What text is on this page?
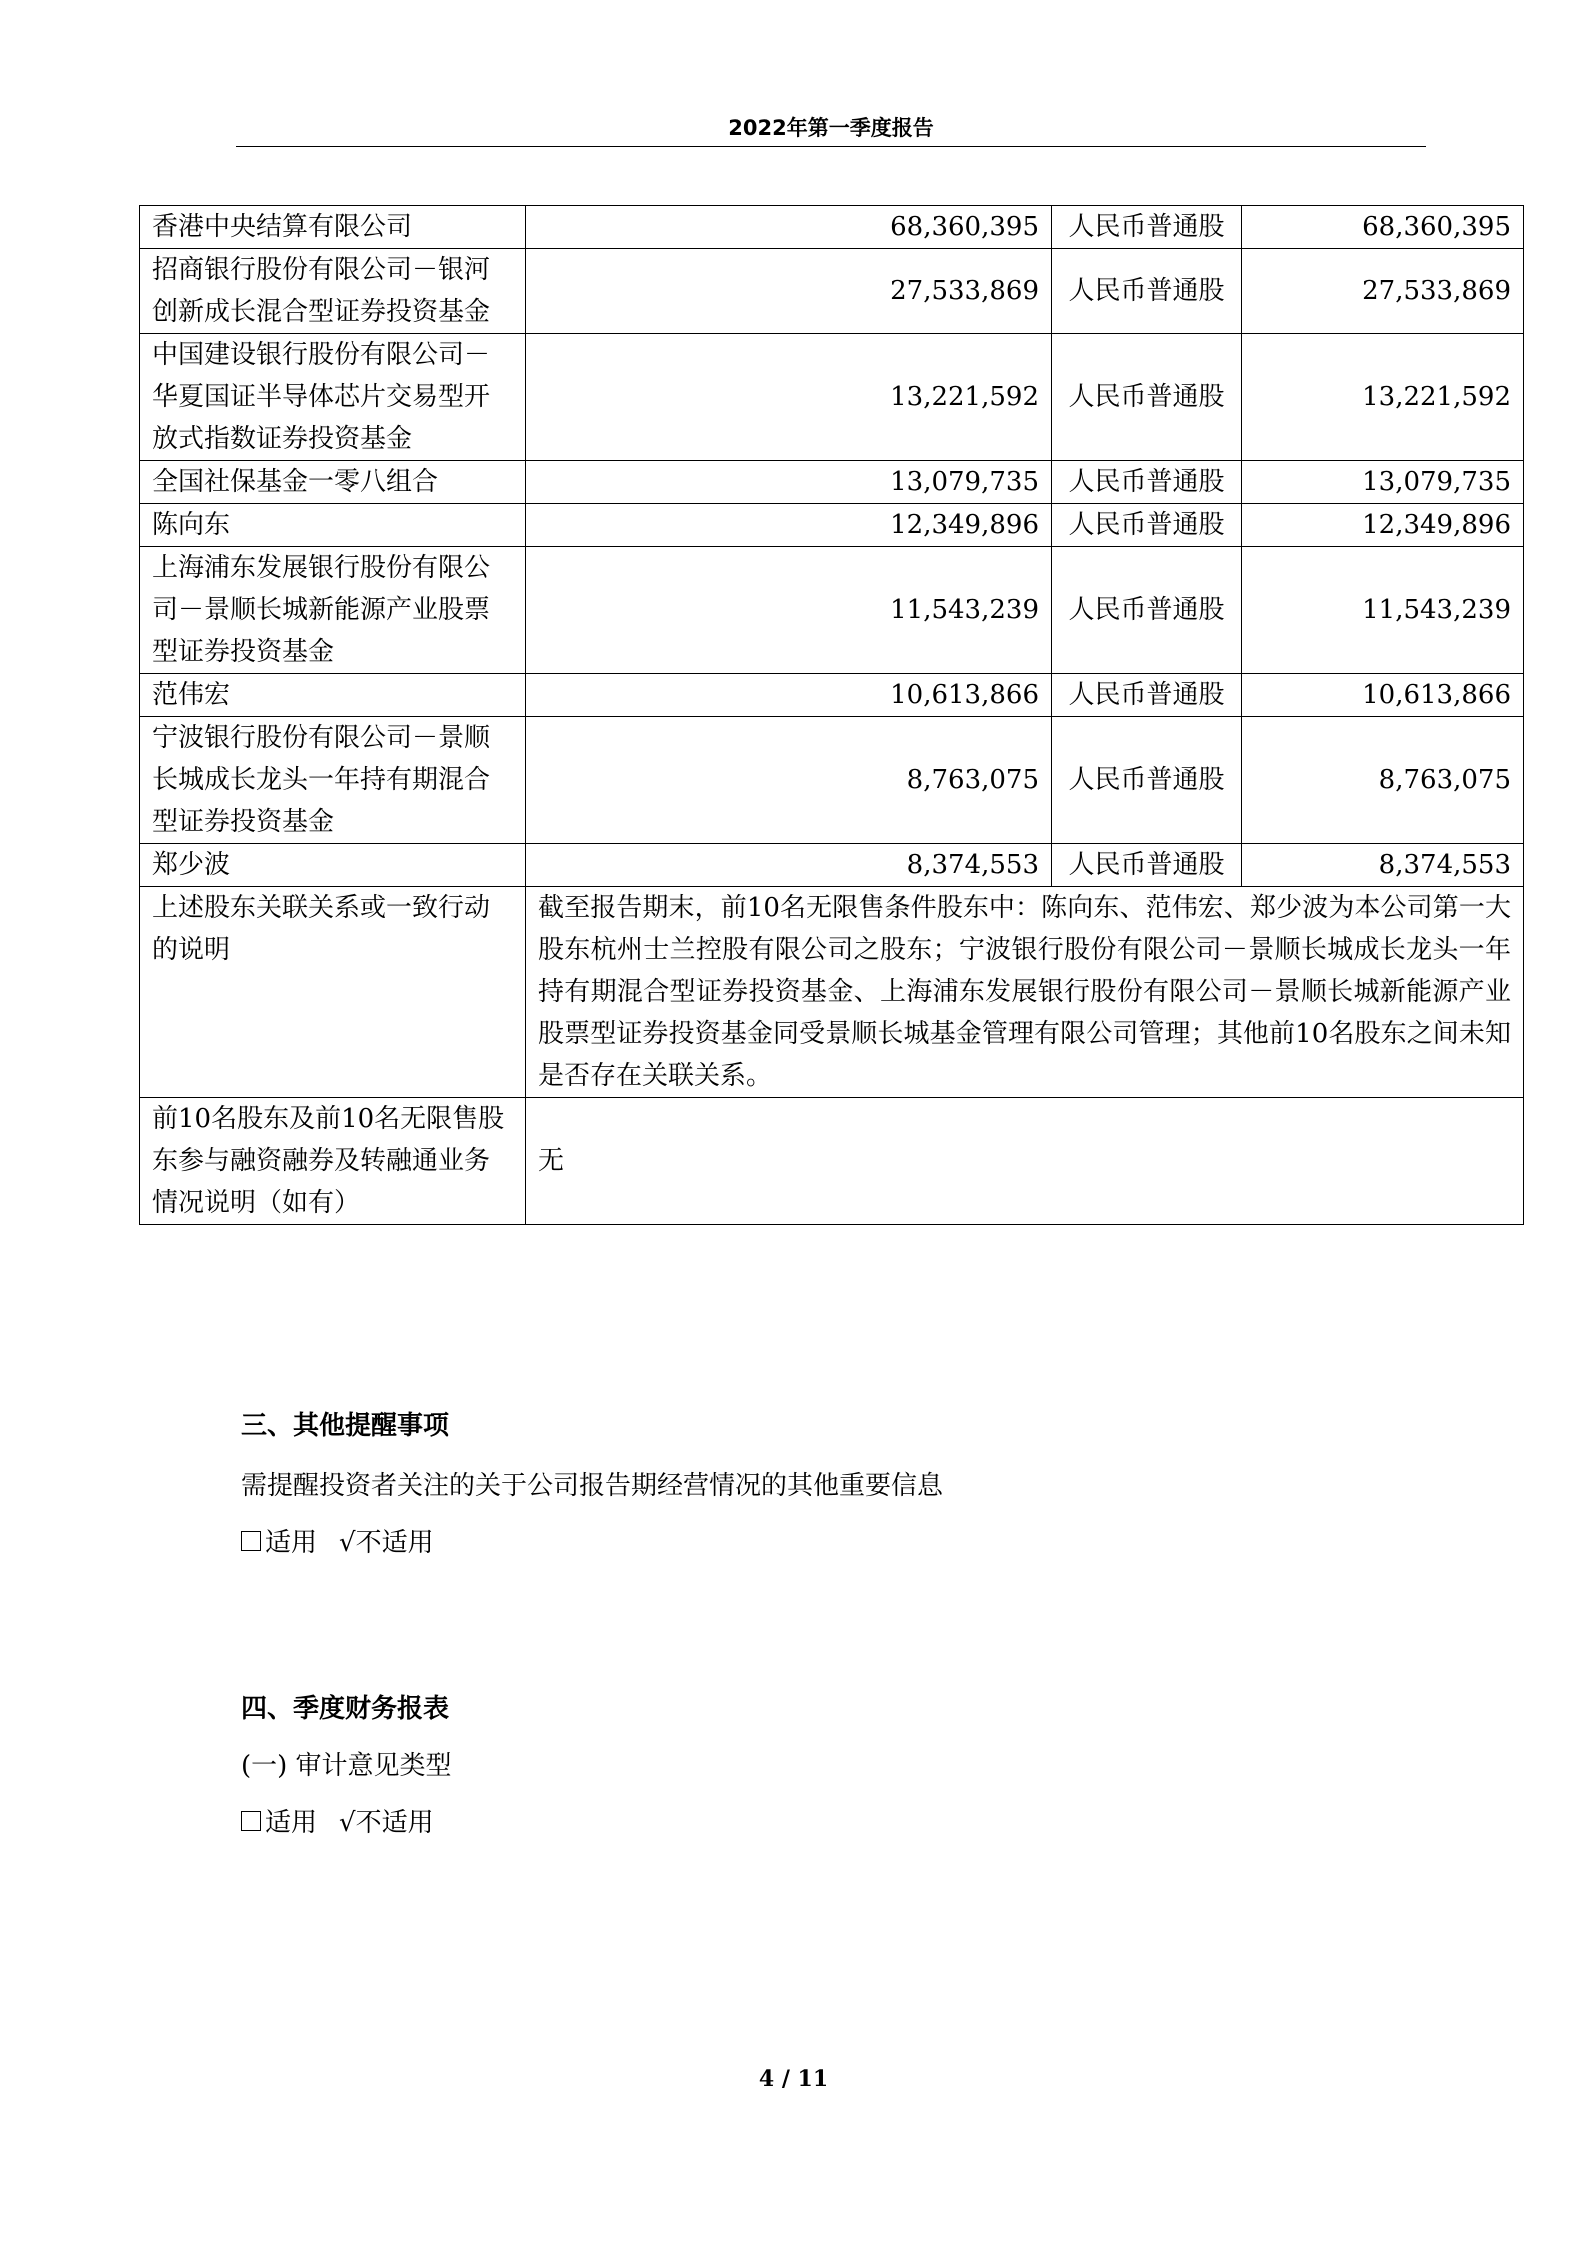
2022年第一季度报告
香港中央结算有限公司	68,360,395	人民币普通股	68,360,395
招商银行股份有限公司－银河创新成长混合型证券投资基金	27,533,869	人民币普通股	27,533,869
中国建设银行股份有限公司－华夏国证半导体芯片交易型开放式指数证券投资基金	13,221,592	人民币普通股	13,221,592
全国社保基金一零八组合	13,079,735	人民币普通股	13,079,735
陈向东	12,349,896	人民币普通股	12,349,896
上海浦东发展银行股份有限公司－景顺长城新能源产业股票型证券投资基金	11,543,239	人民币普通股	11,543,239
范伟宏	10,613,866	人民币普通股	10,613,866
宁波银行股份有限公司－景顺长城成长龙头一年持有期混合型证券投资基金	8,763,075	人民币普通股	8,763,075
郑少波	8,374,553	人民币普通股	8,374,553
上述股东关联关系或一致行动的说明	截至报告期末，前10名无限售条件股东中：陈向东、范伟宏、郑少波为本公司第一大股东杭州士兰控股有限公司之股东；宁波银行股份有限公司－景顺长城成长龙头一年持有期混合型证券投资基金、上海浦东发展银行股份有限公司－景顺长城新能源产业股票型证券投资基金同受景顺长城基金管理有限公司管理；其他前10名股东之间未知是否存在关联关系。		
前10名股东及前10名无限售股东参与融资融券及转融通业务情况说明（如有）	无		
三、其他提醒事项
需提醒投资者关注的关于公司报告期经营情况的其他重要信息
适用 √不适用
四、季度财务报表
(一) 审计意见类型
适用 √不适用
4 / 11
